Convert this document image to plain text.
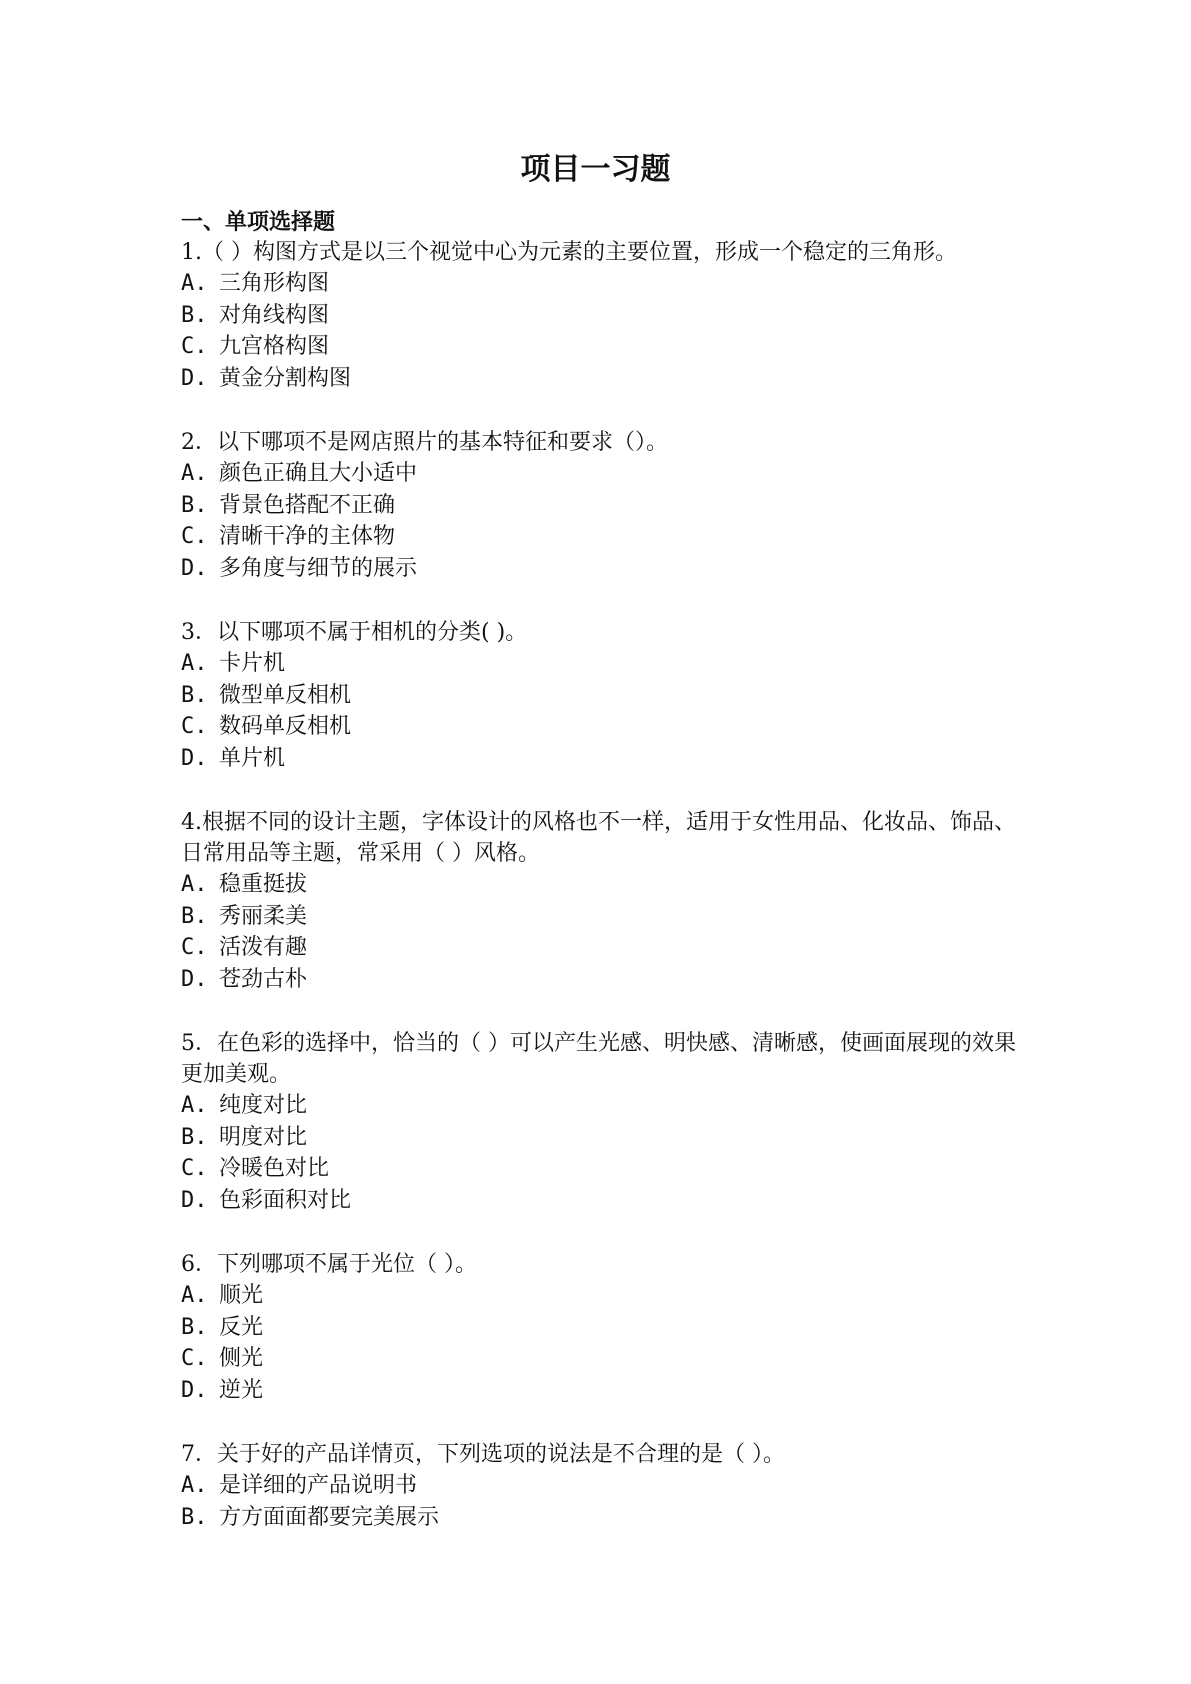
项目一习题
一、单项选择题

1.（ ）构图方式是以三个视觉中心为元素的主要位置，形成一个稳定的三角形。

A. 三角形构图
B. 对角线构图
C. 九宫格构图
D. 黄金分割构图

2．以下哪项不是网店照片的基本特征和要求（）。

A. 颜色正确且大小适中
B. 背景色搭配不正确
C. 清晰干净的主体物
D. 多角度与细节的展示

3．以下哪项不属于相机的分类( )。

A. 卡片机
B. 微型单反相机
C. 数码单反相机
D. 单片机

4.根据不同的设计主题，字体设计的风格也不一样，适用于女性用品、化妆品、饰品、日常用品等主题，常采用（ ）风格。

A. 稳重挺拔
B. 秀丽柔美
C. 活泼有趣
D. 苍劲古朴

5．在色彩的选择中，恰当的（ ）可以产生光感、明快感、清晰感，使画面展现的效果更加美观。

A. 纯度对比
B. 明度对比
C. 冷暖色对比
D. 色彩面积对比

6．下列哪项不属于光位（ ）。

A. 顺光
B. 反光
C. 侧光
D. 逆光

7．关于好的产品详情页，下列选项的说法是不合理的是（ ）。

A. 是详细的产品说明书
B. 方方面面都要完美展示
